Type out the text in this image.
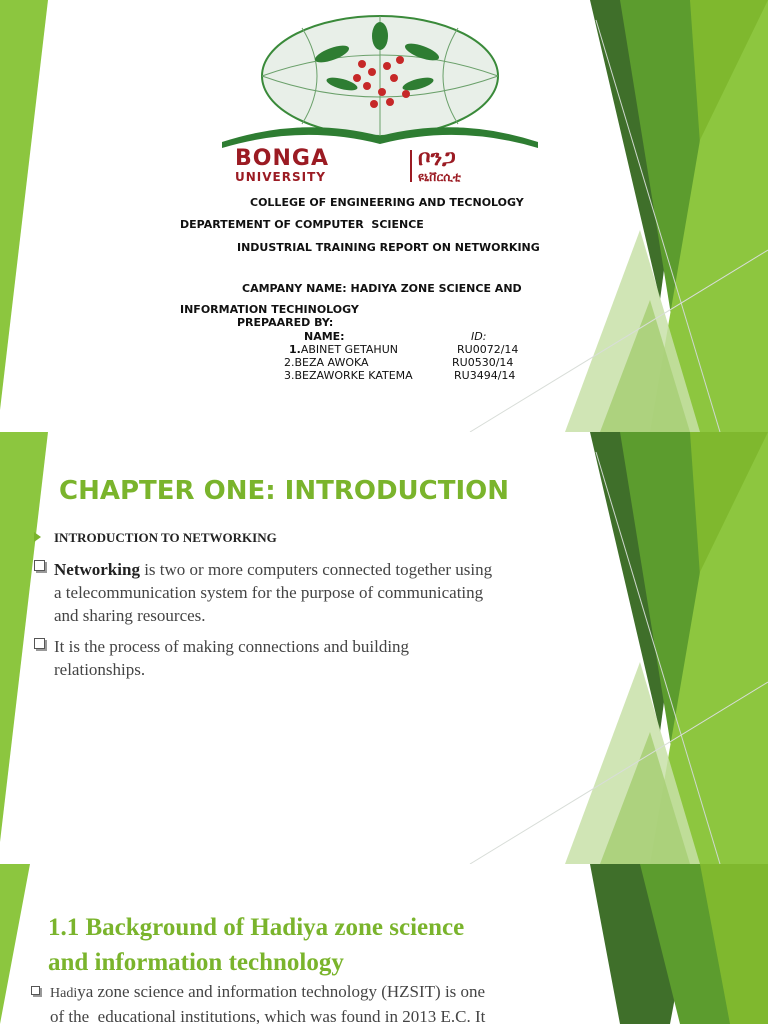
BONGA
UNIVERSITY
ቦንጋ
ዩኒቨርሲቲ
COLLEGE OF ENGINEERING AND TECNOLOGY
DEPARTEMENT OF COMPUTER  SCIENCE
INDUSTRIAL TRAINING REPORT ON NETWORKING
CAMPANY NAME: HADIYA ZONE SCIENCE AND
INFORMATION TECHINOLOGY
PREPAARED BY:
NAME:	ID:
1.ABINET GETAHUN	RU0072/14
2.BEZA AWOKA	RU0530/14
3.BEZAWORKE KATEMA	RU3494/14
CHAPTER ONE: INTRODUCTION
INTRODUCTION TO NETWORKING
Networking is two or more computers connected together using
a telecommunication system for the purpose of communicating
and sharing resources.
It is the process of making connections and building
relationships.
1.1 Background of Hadiya zone science
and information technology
Hadiya zone science and information technology (HZSIT) is one
of the  educational institutions, which was found in 2013 E.C. It
